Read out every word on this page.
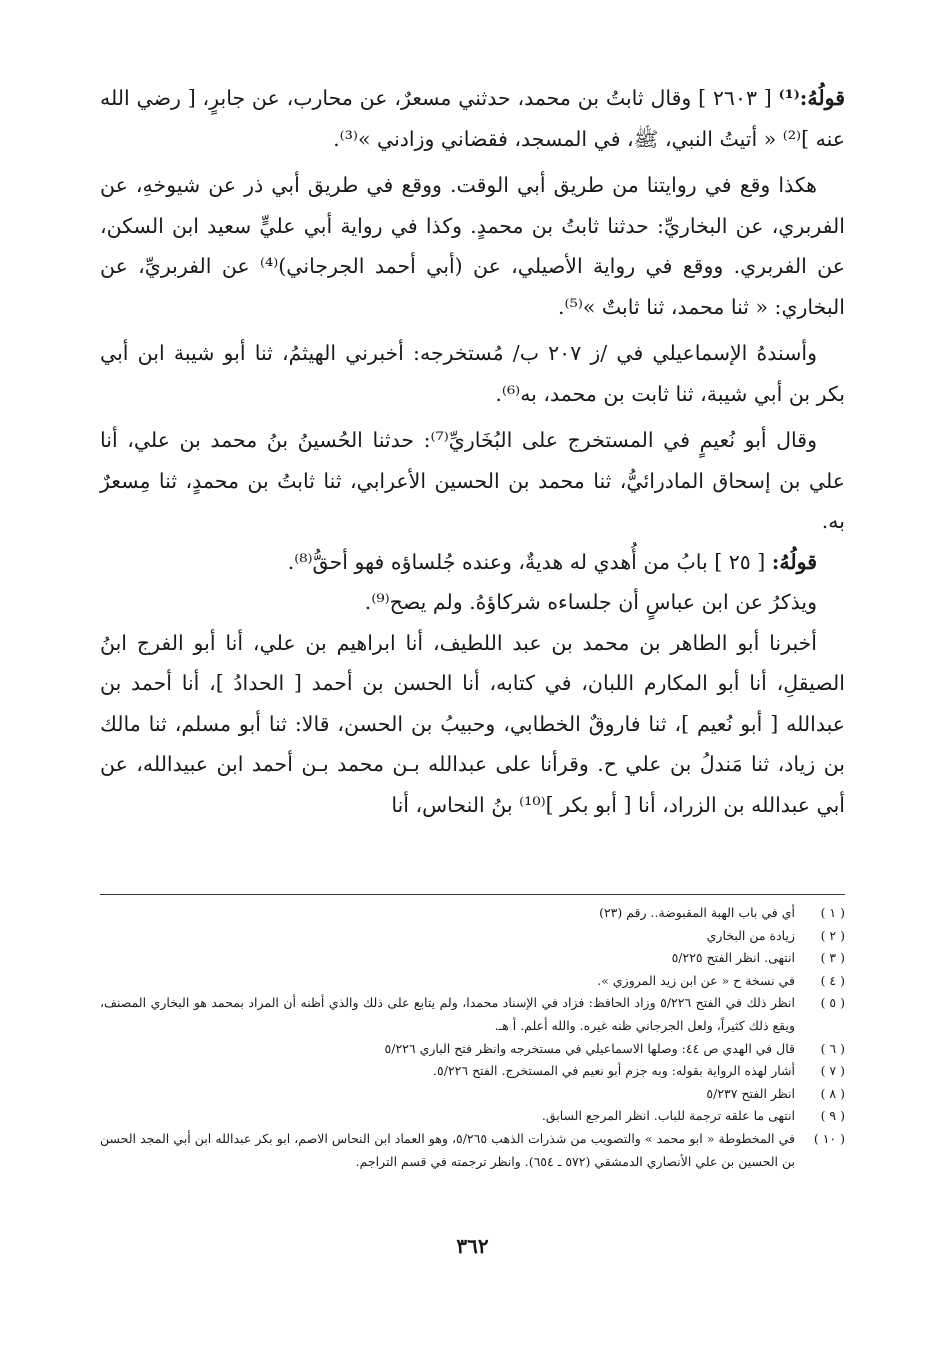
قولُهُ:⁽¹⁾ [ ٢٦٠٣ ] وقال ثابتُ بن محمد، حدثني مسعرٌ، عن محارب، عن جابرٍ، [ رضي الله عنه ]⁽²⁾ « أتيتُ النبي، ﷺ، في المسجد، فقضاني وزادني »⁽³⁾.

هكذا وقع في روايتنا من طريق أبي الوقت. ووقع في طريق أبي ذر عن شيوخهِ، عن الفربري، عن البخاريِّ: حدثنا ثابتُ بن محمدٍ. وكذا في رواية أبي عليٍّ سعيد ابن السكن، عن الفربري. ووقع في رواية الأصيلي، عن (أبي أحمد الجرجاني)⁽⁴⁾ عن الفربريِّ، عن البخاري: « ثنا محمد، ثنا ثابتٌ »⁽⁵⁾.

وأسندهُ الإسماعيلي في /ز ٢٠٧ ب/ مُستخرجه: أخبرني الهيثمُ، ثنا أبو شيبة ابن أبي بكر بن أبي شيبة، ثنا ثابت بن محمد، به⁽⁶⁾.

وقال أبو نُعيمٍ في المستخرج على البُخَاريِّ⁽⁷⁾: حدثنا الحُسينُ بنُ محمد بن علي، أنا علي بن إسحاق المادرائيُّ، ثنا محمد بن الحسين الأعرابي، ثنا ثابتُ بن محمدٍ، ثنا مِسعرٌ به.

قولُهُ: [ ٢٥ ] بابُ من أُهدي له هديةٌ، وعنده جُلساؤه فهو أحقُّ⁽⁸⁾.

ويذكرُ عن ابن عباسٍ أن جلساءه شركاؤهُ. ولم يصح⁽⁹⁾.

أخبرنا أبو الطاهر بن محمد بن عبد اللطيف، أنا ابراهيم بن علي، أنا أبو الفرج ابنُ الصيقلِ، أنا أبو المكارم اللبان، في كتابه، أنا الحسن بن أحمد [ الحدادُ ]، أنا أحمد بن عبدالله [ أبو نُعيم ]، ثنا فاروقٌ الخطابي، وحبيبُ بن الحسن، قالا: ثنا أبو مسلم، ثنا مالك بن زياد، ثنا مَندلُ بن علي ح. وقرأنا على عبدالله بـن محمد بـن أحمد ابن عبيدالله، عن أبي عبدالله بن الزراد، أنا [ أبو بكر ]⁽¹⁰⁾ بنُ النحاس، أنا

( ١ )
أي في باب الهبة المقبوضة.. رقم (٢٣)
( ٢ )
زيادة من البخاري
( ٣ )
انتهى. انظر الفتح ٥/٢٢٥
( ٤ )
في نسخة ح « عن ابن زيد المروزي ».
( ٥ )
انظر ذلك في الفتح ٥/٢٢٦ وزاد الحافظ: فزاد في الإسناد محمدا، ولم يتابع على ذلك والذي أظنه أن المراد بمحمد هو البخاري المصنف، ويقع ذلك كثيراً، ولعل الجرجاني ظنه غيره. والله أعلم. أ هـ.
( ٦ )
قال في الهدي ص ٤٤: وصلها الاسماعيلي في مستخرجه وانظر فتح الباري ٥/٢٢٦
( ٧ )
أشار لهذه الرواية بقوله: وبه جزم أبو نعيم في المستخرج. الفتح ٥/٢٢٦.
( ٨ )
انظر الفتح ٥/٢٣٧
( ٩ )
انتهى ما علقه ترجمة للباب. انظر المرجع السابق.
( ١٠ )
في المخطوطة « ابو محمد » والتصويب من شذرات الذهب ٥/٢٦٥، وهو العماد ابن النحاس الاصم، ابو بكر عبدالله ابن أبي المجد الحسن بن الحسين بن علي الأنصاري الدمشقي (٥٧٢ ـ ٦٥٤). وانظر ترجمته في قسم التراجم.
٣٦٢
